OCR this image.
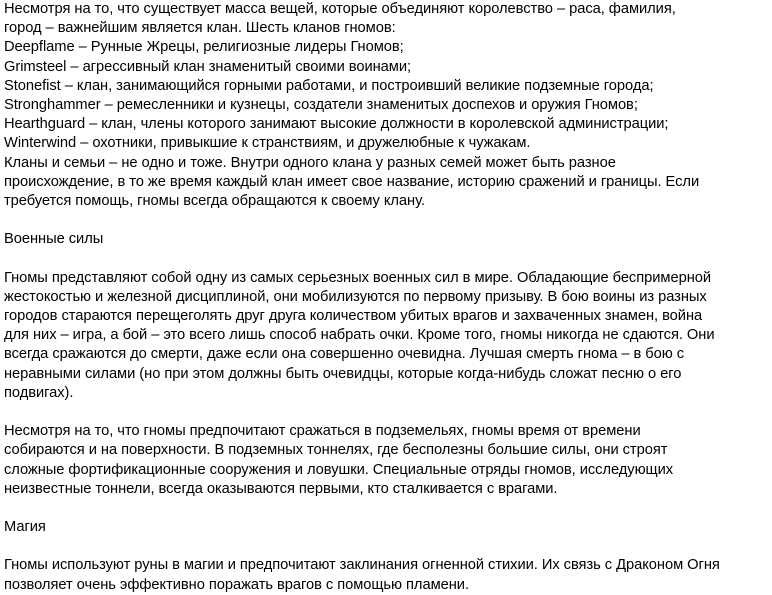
Несмотря на то, что существует масса вещей, которые объединяют королевство – раса, фамилия,
город – важнейшим является клан. Шесть кланов гномов:
Deepflame – Рунные Жрецы, религиозные лидеры Гномов;
Grimsteel – агрессивный клан знаменитый своими воинами;
Stonefist – клан, занимающийся горными работами, и построивший великие подземные города;
Stronghammer – ремесленники и кузнецы, создатели знаменитых доспехов и оружия Гномов;
Hearthguard – клан, члены которого занимают высокие должности в королевской администрации;
Winterwind – охотники, привыкшие к странствиям, и дружелюбные к чужакам.
Кланы и семьи – не одно и тоже. Внутри одного клана у разных семей может быть разное
происхождение, в то же время каждый клан имеет свое название, историю сражений и границы. Если
требуется помощь, гномы всегда обращаются к своему клану.
Военные силы
Гномы представляют собой одну из самых серьезных военных сил в мире. Обладающие беспримерной
жестокостью и железной дисциплиной, они мобилизуются по первому призыву. В бою воины из разных
городов стараются перещеголять друг друга количеством убитых врагов и захваченных знамен, война
для них – игра, а бой – это всего лишь способ набрать очки. Кроме того, гномы никогда не сдаются. Они
всегда сражаются до смерти, даже если она совершенно очевидна. Лучшая смерть гнома – в бою с
неравными силами (но при этом должны быть очевидцы, которые когда-нибудь сложат песню о его
подвигах).
Несмотря на то, что гномы предпочитают сражаться в подземельях, гномы время от времени
собираются и на поверхности. В подземных тоннелях, где бесполезны большие силы, они строят
сложные фортификационные сооружения и ловушки. Специальные отряды гномов, исследующих
неизвестные тоннели, всегда оказываются первыми, кто сталкивается с врагами.
Магия
Гномы используют руны в магии и предпочитают заклинания огненной стихии. Их связь с Драконом Огня
позволяет очень эффективно поражать врагов с помощью пламени.
